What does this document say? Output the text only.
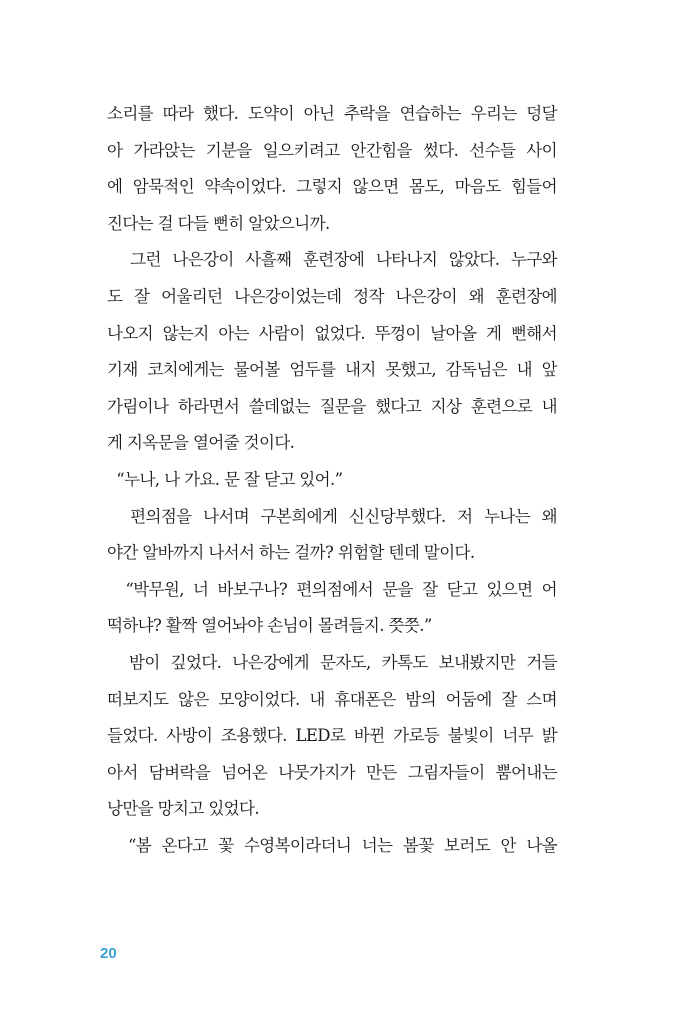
소리를 따라 했다. 도약이 아닌 추락을 연습하는 우리는 덩달
아 가라앉는 기분을 일으키려고 안간힘을 썼다. 선수들 사이
에 암묵적인 약속이었다. 그렇지 않으면 몸도, 마음도 힘들어
진다는 걸 다들 뻔히 알았으니까.
그런 나은강이 사흘째 훈련장에 나타나지 않았다. 누구와
도 잘 어울리던 나은강이었는데 정작 나은강이 왜 훈련장에
나오지 않는지 아는 사람이 없었다. 뚜껑이 날아올 게 뻔해서
기재 코치에게는 물어볼 엄두를 내지 못했고, 감독님은 내 앞
가림이나 하라면서 쓸데없는 질문을 했다고 지상 훈련으로 내
게 지옥문을 열어줄 것이다.
“누나, 나 가요. 문 잘 닫고 있어.”
편의점을 나서며 구본희에게 신신당부했다. 저 누나는 왜
야간 알바까지 나서서 하는 걸까? 위험할 텐데 말이다.
“박무원, 너 바보구나? 편의점에서 문을 잘 닫고 있으면 어
떡하냐? 활짝 열어놔야 손님이 몰려들지. 쯧쯧.”
밤이 깊었다. 나은강에게 문자도, 카톡도 보내봤지만 거들
떠보지도 않은 모양이었다. 내 휴대폰은 밤의 어둠에 잘 스며
들었다. 사방이 조용했다. LED로 바뀐 가로등 불빛이 너무 밝
아서 담벼락을 넘어온 나뭇가지가 만든 그림자들이 뿜어내는
낭만을 망치고 있었다.
“봄 온다고 꽃 수영복이라더니 너는 봄꽃 보러도 안 나올
20
